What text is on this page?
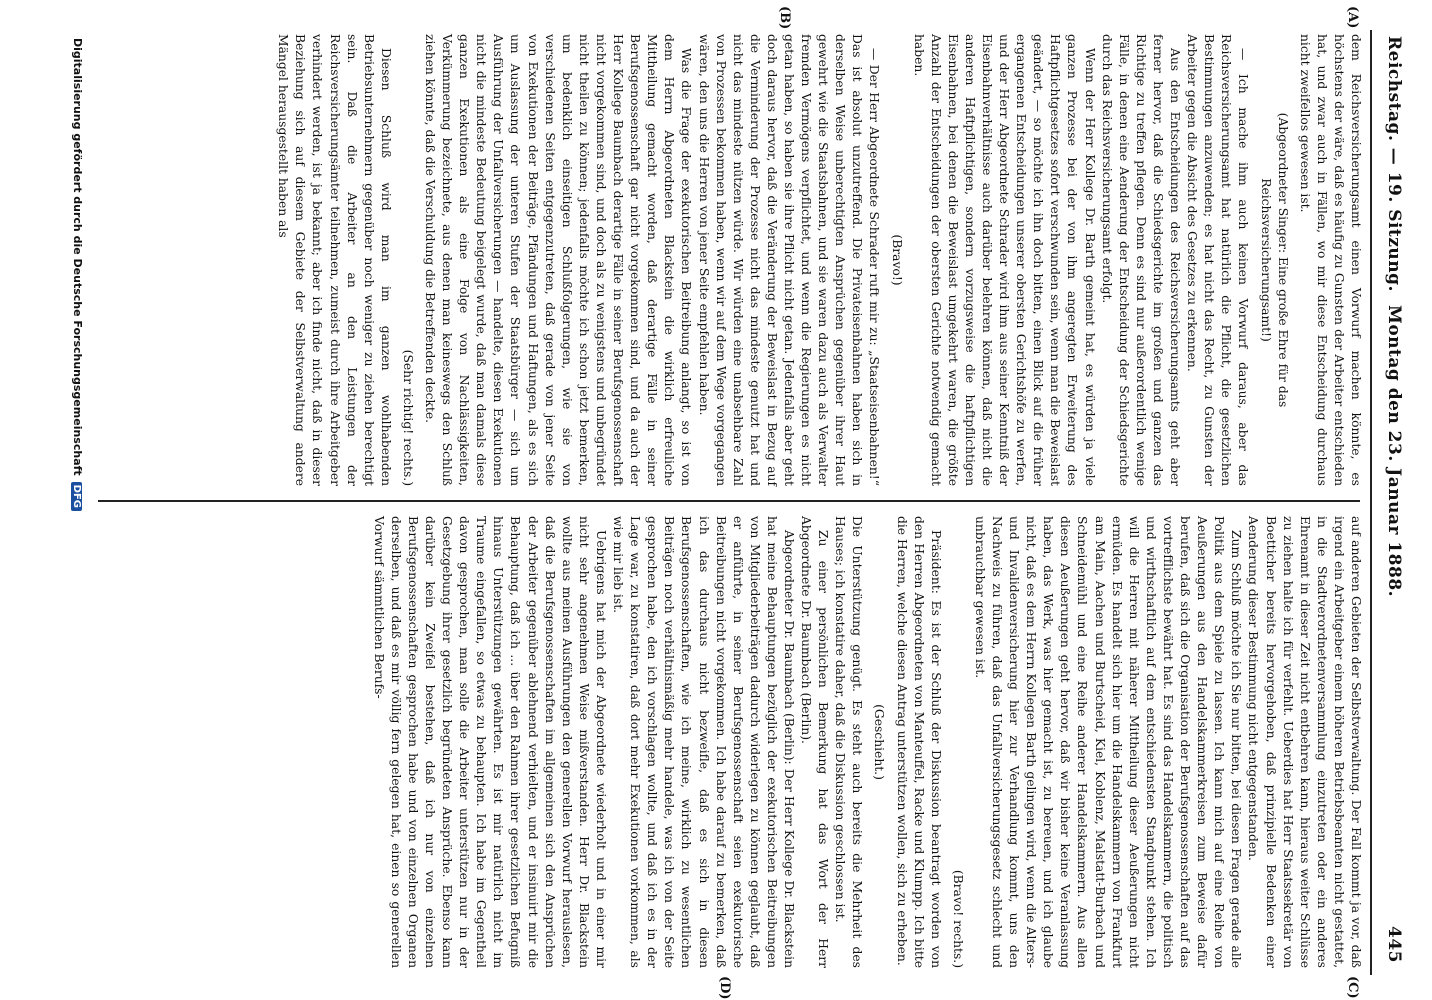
Reichstag. — 19. Sitzung.
Montag den 23. Januar 1888.
445
(A)
(B)
(C)
(D)

dem Reichsversicherungsamt einen Vorwurf machen könnte, es höchstens der wäre, daß es häufig zu Gunsten der Arbeiter entschieden hat, und zwar auch in Fällen, wo mir diese Entscheidung durchaus nicht zweifellos gewesen ist.

(Abgeordneter Singer: Eine große Ehre für das Reichsversicherungsamt!)

— Ich mache ihm auch keinen Vorwurf daraus, aber das Reichsversicherungsamt hat natürlich die Pflicht, die gesetzlichen Bestimmungen anzuwenden; es hat nicht das Recht, zu Gunsten der Arbeiter gegen die Absicht des Gesetzes zu erkennen.

Aus den Entscheidungen des Reichsversicherungsamts geht aber ferner hervor, daß die Schiedsgerichte im großen und ganzen das Richtige zu treffen pflegen. Denn es sind nur außerordentlich wenige Fälle, in denen eine Aenderung der Entscheidung der Schiedsgerichte durch das Reichsversicherungsamt erfolgt.

Wenn der Herr Kollege Dr. Barth gemeint hat, es würden ja viele ganzen Prozesse bei der von ihm angeregten Erweiterung des Haftpflichtgesetzes sofort verschwunden sein, wenn man die Beweislast geändert, — so möchte ich ihn doch bitten, einen Blick auf die früher ergangenen Entscheidungen unserer obersten Gerichtshöfe zu werfen, und der Herr Abgeordnete Schrader wird ihm aus seiner Kenntniß der Eisenbahnverhältnisse auch darüber belehren können, daß nicht die anderen Haftpflichtigen, sondern vorzugsweise die haftpflichtigen Eisenbahnen, bei denen die Beweislast umgekehrt waren, die größte Anzahl der Entscheidungen der obersten Gerichte notwendig gemacht haben.

(Bravo!)

— Der Herr Abgeordnete Schrader ruft mir zu: „Staatseisenbahnen!“ Das ist absolut unzutreffend. Die Privateisenbahnen haben sich in derselben Weise unberechtigten Ansprüchen gegenüber ihrer Haut gewehrt wie die Staatsbahnen, und sie waren dazu auch als Verwalter fremden Vermögens verpflichtet, und wenn die Regierungen es nicht getan haben, so haben sie ihre Pflicht nicht getan. Jedenfalls aber geht doch daraus hervor, daß die Veränderung der Beweislast in Bezug auf die Verminderung der Prozesse nicht das mindeste genutzt hat und nicht das mindeste nützen würde. Wir würden eine unabsehbare Zahl von Prozessen bekommen haben, wenn wir auf dem Wege vorgegangen wären, den uns die Herren von jener Seite empfehlen haben.

Was die Frage der exekutorischen Beitreibung anlangt, so ist von dem Herrn Abgeordneten Blackstein die wirklich erfreuliche Mittheilung gemacht worden, daß derartige Fälle in seiner Berufsgenossenschaft gar nicht vorgekommen sind, und da auch der Herr Kollege Baumbach derartige Fälle in seiner Berufsgenossenschaft nicht vorgekommen sind, und doch als zu wenigstens und unbegründet nicht theilen zu können; jedenfalls möchte ich schon jetzt bemerken, um bedenklich einseitigen Schlußfolgerungen, wie sie von verschiedenen Seiten entgegenzutreten, daß gerade von jener Seite von Exekutionen der Beiträge, Pfändungen und Haftungen, als es sich um Auslassung der unteren Stufen der Staatsbürger — sich um Ausführung der Unfallversicherungen — handelte, diesen Exekutionen nicht die mindeste Bedeutung beigelegt wurde, daß man damals diese ganzen Exekutionen als eine Folge von Nachlässigkeiten, Verkümmerung bezeichnete, aus denen man keineswegs den Schluß ziehen könnte, daß die Verschuldung die Betreffenden deckte.

(Sehr richtig! rechts.)

Diesen Schluß wird man im ganzen wohlhabenden Betriebsunternehmern gegenüber noch weniger zu ziehen berechtigt sein. Daß die Arbeiter an den Leistungen der Reichsversicherungsämter teilnehmen, zumeist durch ihre Arbeitgeber verhindert werden, ist ja bekannt; aber ich finde nicht, daß in dieser Beziehung sich auf diesem Gebiete der Selbstverwaltung andere Mängel herausgestellt haben als

auf anderen Gebieten der Selbstverwaltung. Der Fall kommt ja vor, daß irgend ein Arbeitgeber einem höheren Betriebsbeamten nicht gestattet, in die Stadtverordnetenversammlung einzutreten oder ein anderes Ehrenamt in dieser Zeit nicht entbehren kann, hieraus weiter Schlüsse zu ziehen halte ich für verfehlt. Ueberdies hat Herr Staatssekretär von Boetticher bereits hervorgehoben, daß prinzipielle Bedenken einer Aenderung dieser Bestimmung nicht entgegenstanden.

Zum Schluß möchte ich Sie nur bitten, bei diesen Fragen gerade alle Politik aus dem Spiele zu lassen. Ich kann mich auf eine Reihe von Aeußerungen aus den Handelskammerkreisen zum Beweise dafür berufen, daß sich die Organisation der Berufsgenossenschaften auf das vortrefflichste bewährt hat. Es sind das Handelskammern, die politisch und wirthschaftlich auf dem entschiedensten Standpunkt stehen. Ich will die Herren mit näherer Mittheilung dieser Aeußerungen nicht ermüden. Es handelt sich hier um die Handelskammern von Frankfurt am Main, Aachen und Burtscheid, Kiel, Koblenz, Malstatt-Burbach und Schneidemühl und eine Reihe anderer Handelskammern. Aus allen diesen Aeußerungen geht hervor, daß wir bisher keine Veranlassung haben, das Werk, was hier gemacht ist, zu bereuen, und ich glaube nicht, daß es dem Herrn Kollegen Barth gelingen wird, wenn die Alters- und Invalidenversicherung hier zur Verhandlung kommt, uns den Nachweis zu führen, daß das Unfallversicherungsgesetz schlecht und unbrauchbar gewesen ist.

(Bravo! rechts.)

Präsident: Es ist der Schluß der Diskussion beantragt worden von den Herren Abgeordneten von Manteuffel, Racke und Klumpp. Ich bitte die Herren, welche diesen Antrag unterstützen wollen, sich zu erheben.

(Geschieht.)

Die Unterstützung genügt. Es steht auch bereits die Mehrheit des Hauses; ich konstatire daher, daß die Diskussion geschlossen ist.

Zu einer persönlichen Bemerkung hat das Wort der Herr Abgeordnete Dr. Baumbach (Berlin).

Abgeordneter Dr. Baumbach (Berlin): Der Herr Kollege Dr. Blackstein hat meine Behauptungen bezüglich der exekutorischen Beitreibungen von Mitgliederbeiträgen dadurch widerlegen zu können geglaubt, daß er anführte, in seiner Berufsgenossenschaft seien exekutorische Beitreibungen nicht vorgekommen. Ich habe darauf zu bemerken, daß ich das durchaus nicht bezweifle, daß es sich in diesen Berufsgenossenschaften, wie ich meine, wirklich zu wesentlichen Beiträgen noch verhältnismäßig mehr handele, was ich von der Seite gesprochen habe, den ich vorschlagen wollte, und daß ich es in der Lage war, zu konstatiren, daß dort mehr Exekutionen vorkommen, als wie mir lieb ist.

Uebrigens hat mich der Abgeordnete wiederholt und in einer mir nicht sehr angenehmen Weise mißverstanden. Herr Dr. Blackstein wollte aus meinen Ausführungen den generellen Vorwurf herauslesen, daß die Berufsgenossenschaften im allgemeinen sich den Ansprüchen der Arbeiter gegenüber ablehnend verhielten, und er insinuirt mir die Behauptung, daß ich ... über den Rahmen ihrer gesetzlichen Befugniß hinaus Unterstützungen gewährten. Es ist mir natürlich nicht im Traume eingefallen, so etwas zu behaupten. Ich habe im Gegentheil davon gesprochen, man solle die Arbeiter unterstützen nur in der Gesetzgebung ihrer gesetzlich begründeten Ansprüche. Ebenso kann darüber kein Zweifel bestehen, daß ich nur von einzelnen Berufsgenossenschaften gesprochen habe und von einzelnen Organen derselben, und daß es mir völlig fern gelegen hat, einen so generellen Vorwurf sämmtlichen Berufs-

Digitalisierung gefördert durch die Deutsche ForschungsgemeinschaftDFG
